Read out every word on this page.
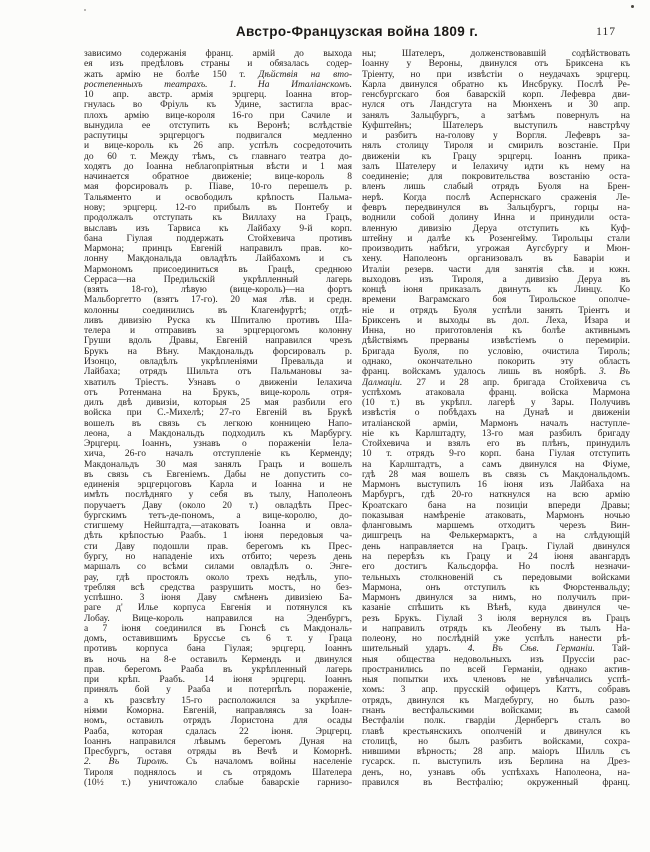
Австро-Французская война 1809 г.	117
зависимо содержанія франц. армій до выхода
ея изъ предѣловъ страны и обязалась содер-
жать армію не болѣе 150 т. Дѣйствія на вто-
ростепенныхъ театрахъ. 1. На Италіанскомъ.
10 апр. австр. армія эрцгерц. Іоанна втор-
гнулась во Фріуль къ Удине, застигла врас-
плохъ армію вице-короля 16-го при Сачиле и
вынудила ее отступить къ Веронѣ; вслѣдствіе
распутицы эрцгерцогъ подвигался медленно
и вице-король къ 26 апр. успѣлъ сосредоточить
до 60 т. Между тѣмъ, съ главнаго театра до-
ходятъ до Іоанна неблагопріятныя вѣсти и 1 мая
начинается обратное движеніе; вице-король 8
мая форсировалъ р. Піаве, 10-го перешелъ р.
Тальяменто и освободилъ крѣпость Пальма-
нову; эрцгерц. 12-го прибылъ въ Понтебу и
продолжалъ отступать къ Виллаху на Грацъ,
выславъ изъ Тарвиса къ Лайбаху 9-й корп.
бана Гіулая поддержать Стойхевича противъ
Мармона; принцъ Евгеній направилъ прав. ко-
лонну Макдональда овладѣть Лайбахомъ и съ
Мармономъ присоединиться въ Грацѣ, среднюю
Серраса—на Предильскій укрѣпленный лагерь
(взять 18-го), лѣвую (вице-король)—на фортъ
Мальборгетто (взятъ 17-го). 20 мая лѣв. и средн.
колонны соединились въ Клагенфуртѣ; отдѣ-
ливъ дивизію Руска къ Шпиталю противъ Ша-
телера и отправивъ за эрцгерцогомъ колонну
Груши вдоль Дравы, Евгеній направился чрезъ
Брукъ на Вѣну. Макдональдъ форсировалъ р.
Изонцо, овладѣлъ укрѣпленіями Превальда и
Лайбаха; отрядъ Шильта отъ Пальмановы за-
хватилъ Тріестъ. Узнавъ о движеніи Іелахича
отъ Ротенмана на Брукъ, вице-король отря-
дилъ двѣ дивизіи, которыя 25 мая разбили его
войска при С.-Михелѣ; 27-го Евгеній въ Брукѣ
вошелъ въ связь съ легкою конницею Напо-
леона, а Макдональдъ подходилъ къ Марбургу.
Эрцгерц. Іоаннъ, узнавъ о пораженіи Іела-
хича, 26-го началъ отступленіе къ Керменду;
Макдональдъ 30 мая занялъ Грацъ и вошелъ
въ связь съ Евгеніемъ. Дабы не допустить со-
единенія эрцгерцоговъ Карла и Іоанна и не
имѣть послѣдняго у себя въ тылу, Наполеонъ
поручаетъ Даву (около 20 т.) овладѣть Прес-
бургскимъ тетъ-де-пономъ, а вице-королю, до-
стигшему Нейштадта,—атаковать Іоанна и овла-
дѣть крѣпостью Раабъ. 1 іюня передовыя ча-
сти Даву подошли прав. берегомъ къ Прес-
бургу, но нападеніе ихъ отбито; черезъ день
маршалъ со всѣми силами овладѣлъ о. Энге-
рау, гдѣ простоялъ около трехъ недѣль, упо-
требляя всѣ средства разрушить мостъ, но без-
успѣшно. 3 іюня Даву смѣненъ дивизіею Ба-
раге д' Илье корпуса Евгенія и потянулся къ
Лобау. Вице-король направился на Эденбургъ,
а 7 іюня соединился въ Гюнсѣ съ Макдональ-
домъ, оставившимъ Бруссье съ 6 т. у Граца
противъ корпуса бана Гіулая; эрцгерц. Іоаннъ
въ ночь на 8-е оставилъ Кермендъ и двинулся
прав. берегомъ Рааба въ укрѣпленный лагерь
при крѣп. Раабъ. 14 іюня эрцгерц. Іоаннъ
принялъ бой у Рааба и потерпѣлъ пораженіе,
а къ разсвѣту 15-го расположился за укрѣпле-
ніями Коморна. Евгеній, направляясь за Іоан-
номъ, оставилъ отрядъ Лористона для осады
Рааба, которая сдалась 22 іюня. Эрцгерц.
Іоаннъ направился лѣвымъ берегомъ Дуная на
Пресбургъ, оставя отряды въ Вечѣ и Коморнѣ.
2. Въ Тиролѣ. Съ началомъ войны населеніе
Тироля поднялось и съ отрядомъ Шателера
(10½ т.) уничтожало слабые баварскіе гарнизо-
ны; Шателеръ, долженствовавшій содѣйствовать
Іоанну у Вероны, двинулся отъ Бриксена къ
Тріенту, но при извѣстіи о неудачахъ эрцгерц.
Карла двинулся обратно къ Инсбруку. Послѣ Ре-
генсбургскаго боя баварскій корп. Лефевра дви-
нулся отъ Ландсгута на Мюнхенъ и 30 апр.
занялъ Зальцбургъ, а затѣмъ повернулъ на
Куфштейнъ; Шателеръ выступилъ навстрѣчу
и разбитъ на-голову у Воргля. Лефевръ за-
нялъ столицу Тироля и смирилъ возстаніе. При
движеніи къ Грацу эрцгерц. Іоаннъ прика-
залъ Шателеру и Іелахичу идти къ нему на
соединеніе; для покровительства возстанію оста-
вленъ лишь слабый отрядъ Буоля на Брен-
нерѣ. Когда послѣ Аспернскаго сраженія Ле-
февръ передвинулся въ Зальцбургъ, горцы на-
воднили собой долину Инна и принудили оста-
вленную дивизію Деруа отступить къ Куф-
штейну и далѣе къ Розенгейму. Тирольцы стали
производить набѣги, угрожая Аугсбургу и Мюн-
хену. Наполеонъ организовалъ въ Баваріи и
Италіи резерв. части для занятія сѣв. и южн.
выходовъ изъ Тироля, а дивизію Деруа въ
концѣ іюня приказалъ двинуть къ Линцу. Ко
времени Ваграмскаго боя Тирольское ополче-
ніе и отрядъ Буоля успѣли занять Тріентъ и
Бриксенъ и выходы въ дол. Леха, Изара и
Инна, но приготовленія къ болѣе активнымъ
дѣйствіямъ прерваны извѣстіемъ о перемиріи.
Бригада Буоля, по условію, очистила Тироль;
однако, окончательно покорить эту область
франц. войскамъ удалось лишь въ ноябрѣ. 3. Въ
Далмаціи. 27 и 28 апр. бригада Стойхевича съ
успѣхомъ атаковала франц. войска Мармона
(10 т.) въ укрѣпл. лагерѣ у Зары. Получивъ
извѣстія о побѣдахъ на Дунаѣ и движеніи
италіанской арміи, Мармонъ началъ наступле-
ніе къ Карлштадту, 13-го мая разбилъ бригаду
Стойхевича и взялъ его въ плѣнъ, принудилъ
10 т. отрядъ 9-го корп. бана Гіулая отступить
на Карлштадтъ, а самъ двинулся на Фіуме,
гдѣ 28 мая вошелъ въ связь съ Макдональдомъ.
Мармонъ выступилъ 16 іюня изъ Лайбаха на
Марбургъ, гдѣ 20-го наткнулся на всю армію
Кроатскаго бана на позиціи впереди Дравы;
показывая намѣреніе атаковать, Мармонъ ночью
фланговымъ маршемъ отходитъ черезъ Вин-
дишгрецъ на Фелькермарктъ, а на слѣдующій
день направляется на Грацъ. Гіулай двинулся
на перерѣзъ къ Грацу и 24 іюня авангардъ
его достигъ Кальсдорфа. Но послѣ незначи-
тельныхъ столкновеній съ передовыми войсками
Мармона, онъ отступилъ къ Фюрстенвальду;
Мармонъ двинулся за нимъ, но получилъ при-
казаніе спѣшить къ Вѣнѣ, куда двинулся че-
резъ Брукъ. Гіулай 3 іюля вернулся въ Грацъ
и направилъ отрядъ къ Леобену въ тылъ На-
полеону, но послѣдній уже успѣлъ нанести рѣ-
шительный ударъ. 4. Въ Сѣв. Германіи. Тай-
ныя общества недовольныхъ изъ Пруссіи рас-
пространились по всей Германіи, однако актив-
ныя попытки ихъ членовъ не увѣнчались успѣ-
хомъ: 3 апр. прусскій офицеръ Каттъ, собравъ
отрядъ, двинулся къ Магдебургу, но былъ разо-
гнанъ вестфальскими войсками; въ самой
Вестфаліи полк. гвардіи Дернбергъ сталъ во
главѣ крестьянскихъ ополченій и двинулся къ
столицѣ, но былъ разбитъ войсками, сохра-
нившими вѣрность; 28 апр. маіоръ Шилль съ
гусарск. п. выступилъ изъ Берлина на Дрез-
денъ, но, узнавъ объ успѣхахъ Наполеона, на-
правился въ Вестфалію; окруженный франц.
